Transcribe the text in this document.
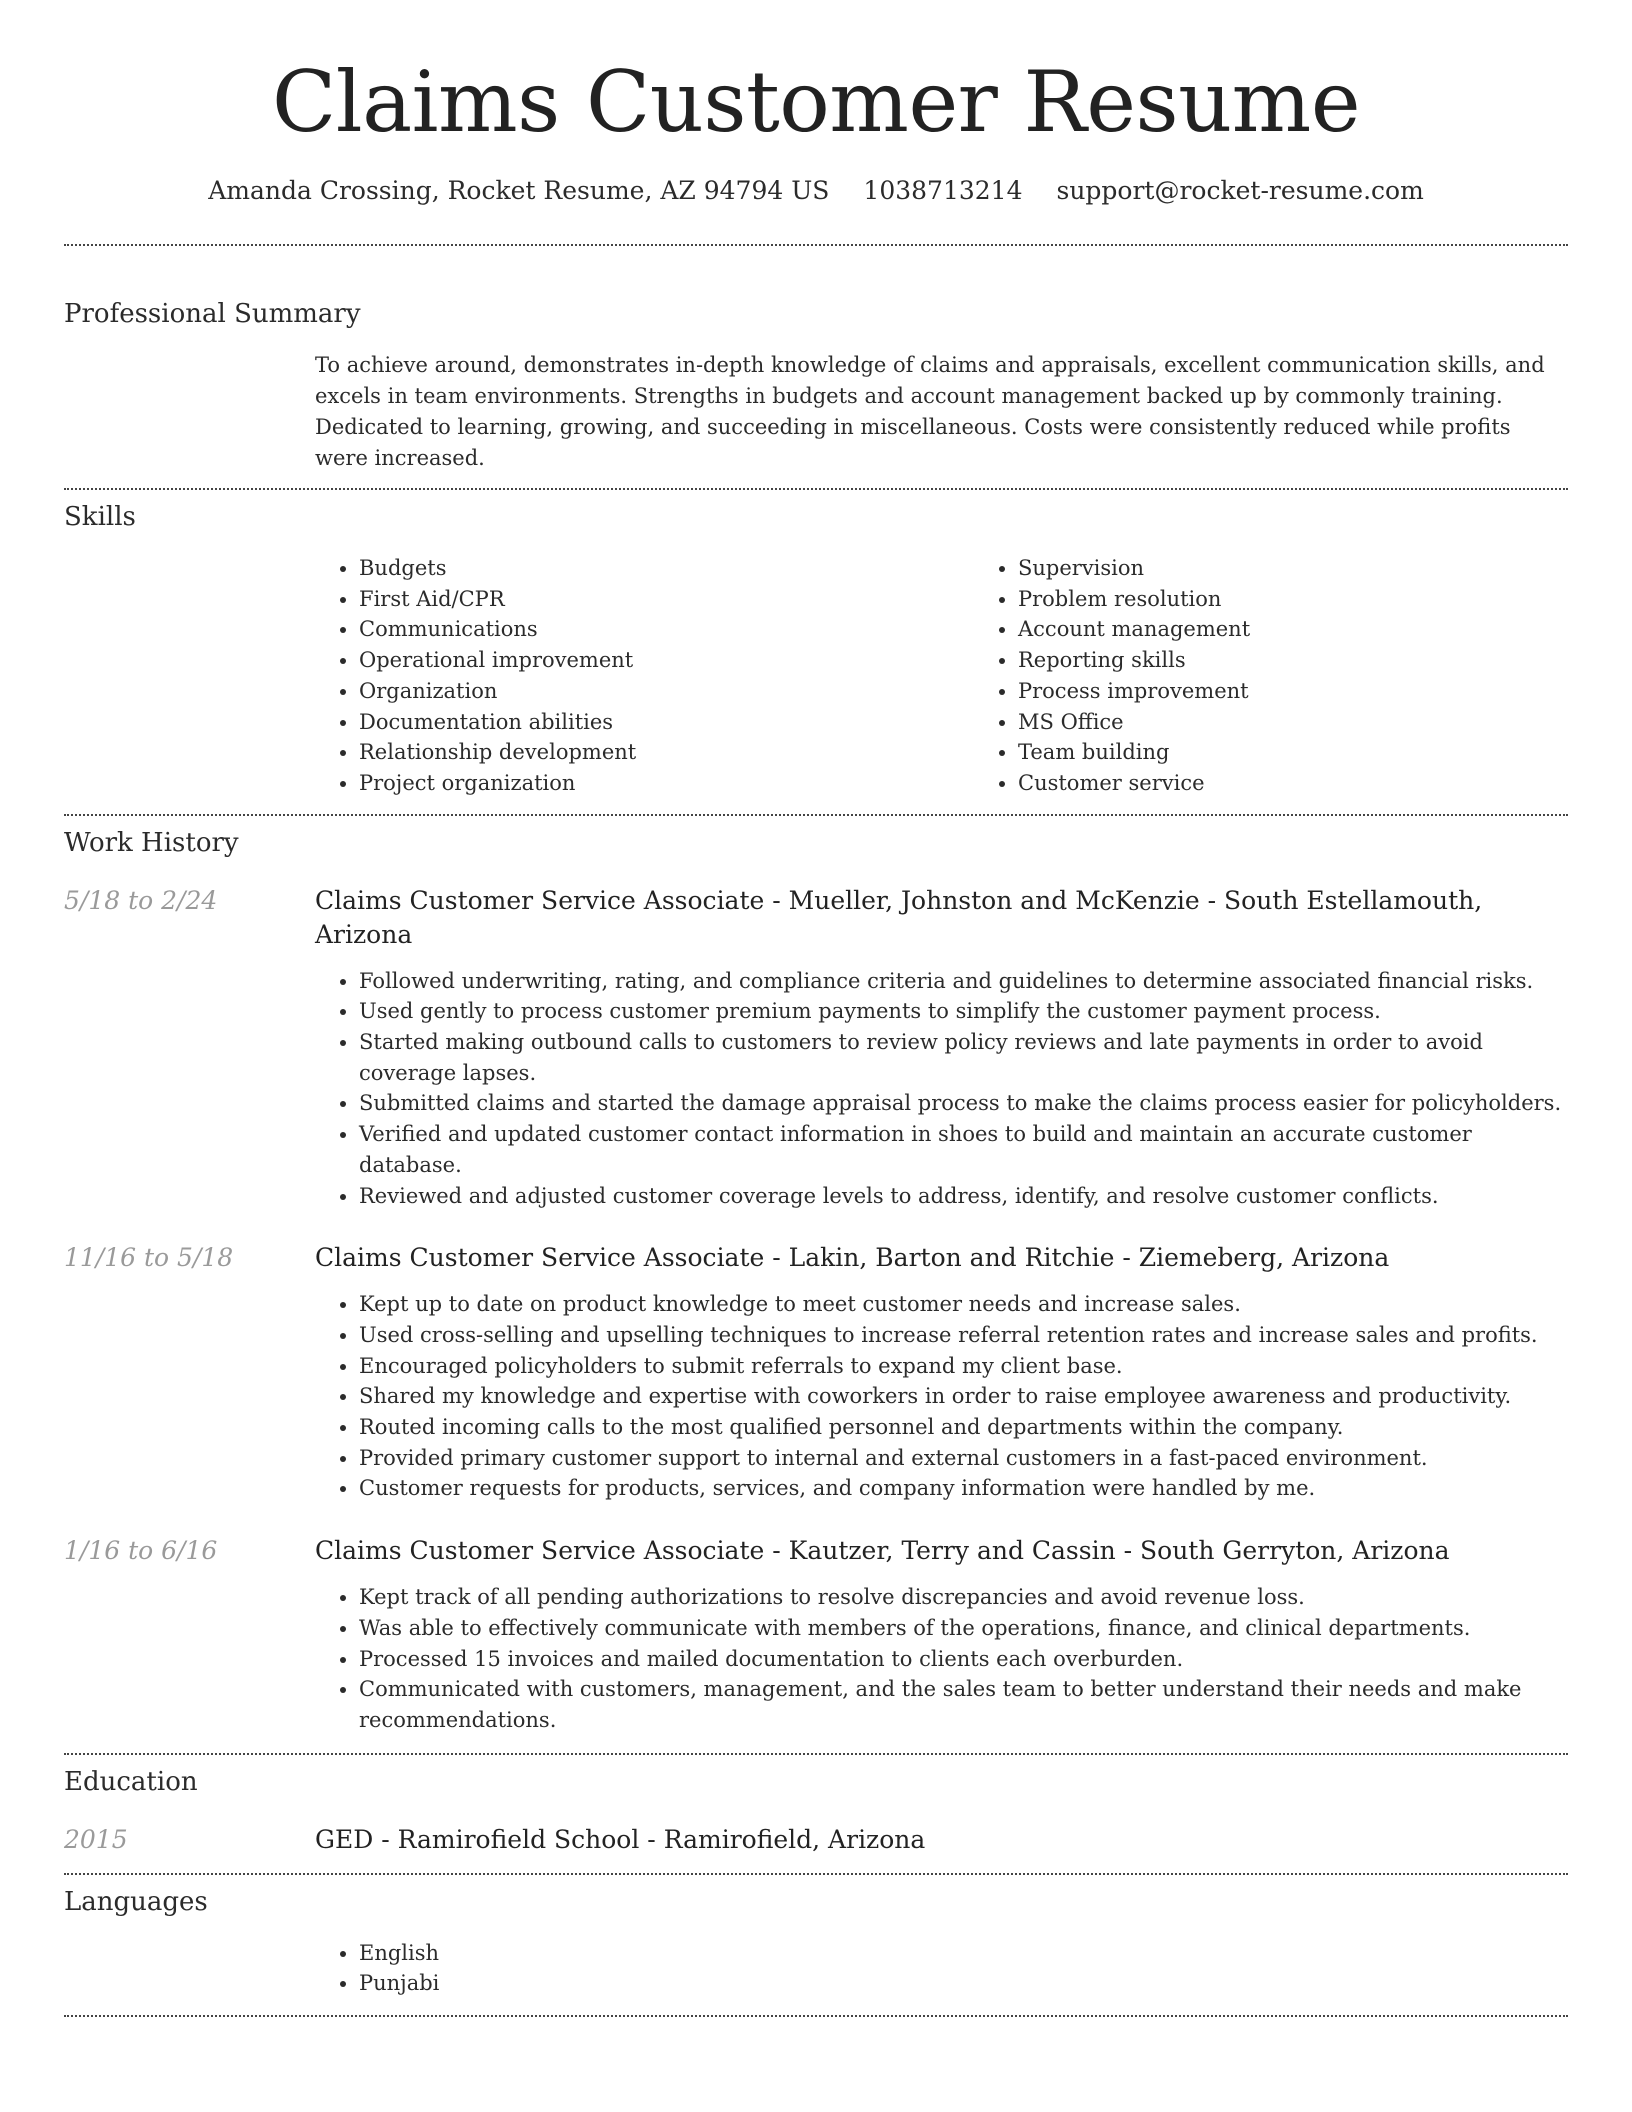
Claims Customer Resume
Amanda Crossing, Rocket Resume, AZ 94794 US 1038713214 support@rocket-resume.com
Professional Summary

To achieve around, demonstrates in-depth knowledge of claims and appraisals, excellent communication skills, and excels in team environments. Strengths in budgets and account management backed up by commonly training. Dedicated to learning, growing, and succeeding in miscellaneous. Costs were consistently reduced while profits were increased.

Skills
• Budgets
• First Aid/CPR
• Communications
• Operational improvement
• Organization
• Documentation abilities
• Relationship development
• Project organization
• Supervision
• Problem resolution
• Account management
• Reporting skills
• Process improvement
• MS Office
• Team building
• Customer service
Work History
5/18 to 2/24	Claims Customer Service Associate - Mueller, Johnston and McKenzie - South Estellamouth, Arizona
• Followed underwriting, rating, and compliance criteria and guidelines to determine associated financial risks.
• Used gently to process customer premium payments to simplify the customer payment process.
• Started making outbound calls to customers to review policy reviews and late payments in order to avoid coverage lapses.
• Submitted claims and started the damage appraisal process to make the claims process easier for policyholders.
• Verified and updated customer contact information in shoes to build and maintain an accurate customer database.
• Reviewed and adjusted customer coverage levels to address, identify, and resolve customer conflicts.
11/16 to 5/18	Claims Customer Service Associate - Lakin, Barton and Ritchie - Ziemeberg, Arizona
• Kept up to date on product knowledge to meet customer needs and increase sales.
• Used cross-selling and upselling techniques to increase referral retention rates and increase sales and profits.
• Encouraged policyholders to submit referrals to expand my client base.
• Shared my knowledge and expertise with coworkers in order to raise employee awareness and productivity.
• Routed incoming calls to the most qualified personnel and departments within the company.
• Provided primary customer support to internal and external customers in a fast-paced environment.
• Customer requests for products, services, and company information were handled by me.
1/16 to 6/16	Claims Customer Service Associate - Kautzer, Terry and Cassin - South Gerryton, Arizona
• Kept track of all pending authorizations to resolve discrepancies and avoid revenue loss.
• Was able to effectively communicate with members of the operations, finance, and clinical departments.
• Processed 15 invoices and mailed documentation to clients each overburden.
• Communicated with customers, management, and the sales team to better understand their needs and make recommendations.
Education
2015	GED - Ramirofield School - Ramirofield, Arizona
Languages
• English
• Punjabi
